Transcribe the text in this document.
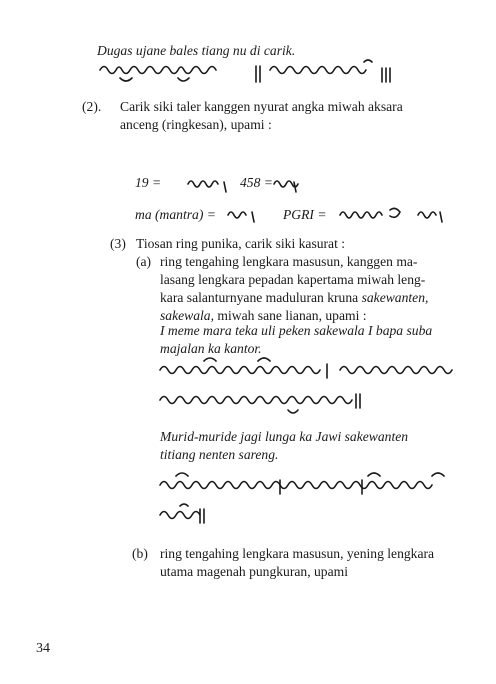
Dugas ujane bales tiang nu di carik.
(2). Carik siki taler kanggen nyurat angka miwah aksara
anceng (ringkesan), upami :
19 =	458 =
ma (mantra) =	PGRI =
(3) Tiosan ring punika, carik siki kasurat :
(a) ring tengahing lengkara masusun, kanggen ma-
lasang lengkara pepadan kapertama miwah leng-
kara salanturnyane maduluran kruna sakewanten,
sakewala, miwah sane lianan, upami :
I meme mara teka uli peken sakewala I bapa suba
majalan ka kantor.
Murid-muride jagi lunga ka Jawi sakewanten
titiang nenten sareng.
(b) ring tengahing lengkara masusun, yening lengkara
utama magenah pungkuran, upami
34
